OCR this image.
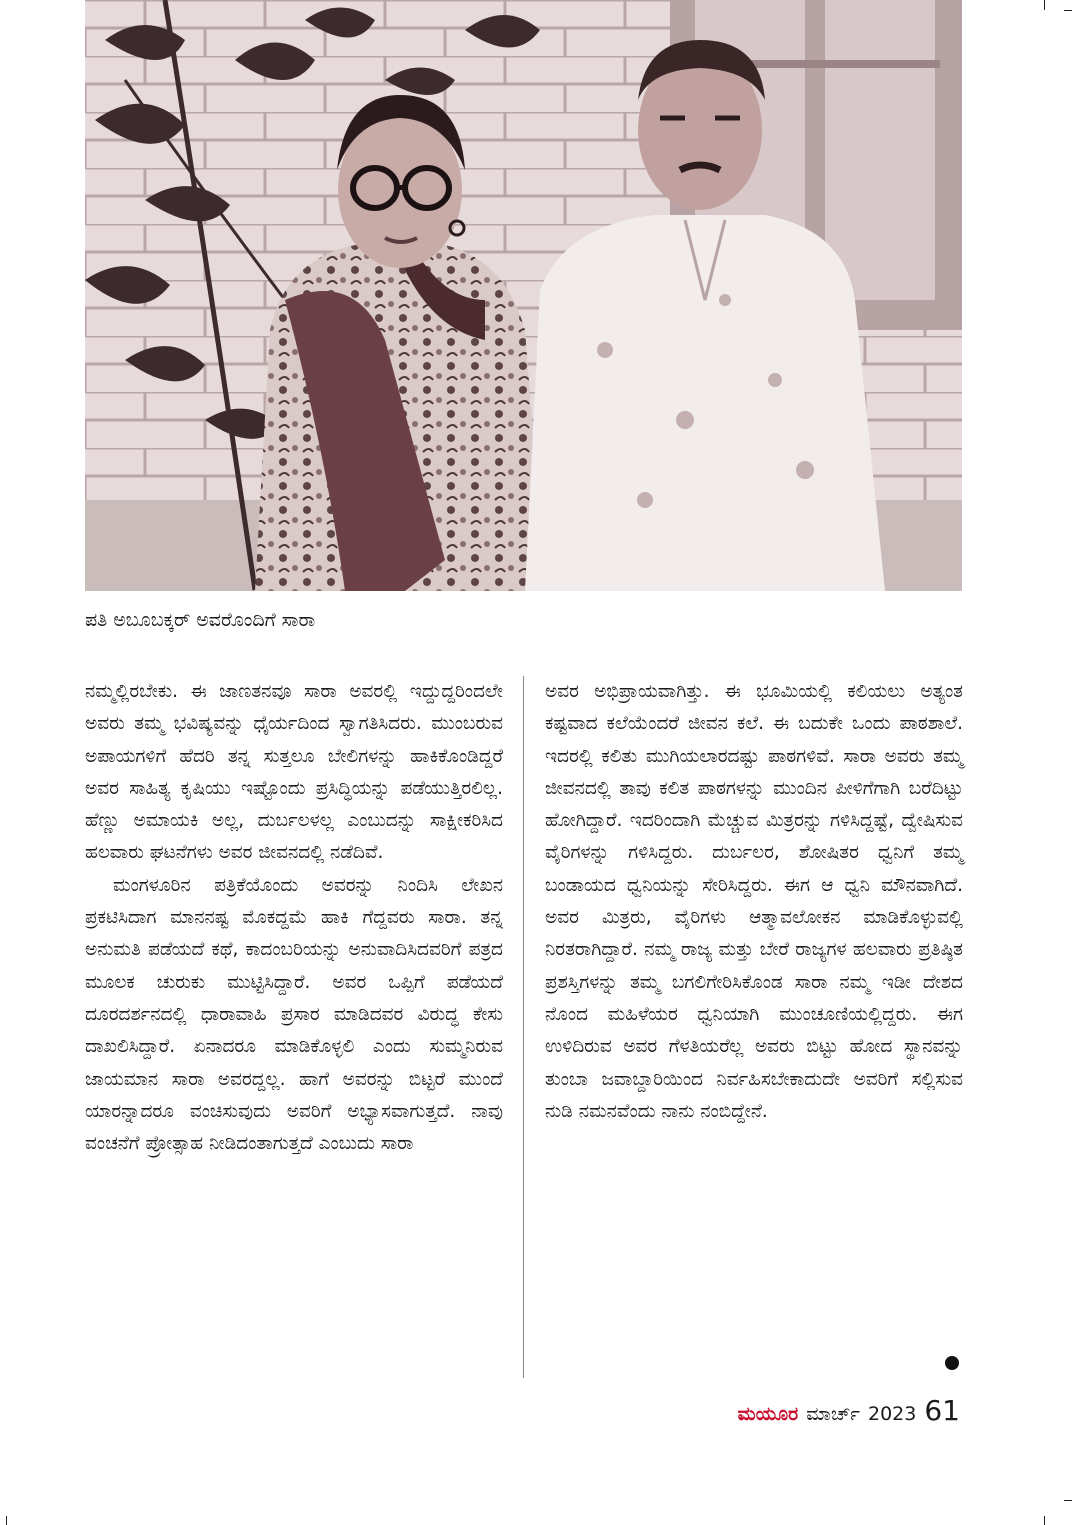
ಪತಿ ಅಬೂಬಕ್ಕರ್ ಅವರೊಂದಿಗೆ ಸಾರಾ

ನಮ್ಮಲ್ಲಿರಬೇಕು. ಈ ಜಾಣತನವೂ ಸಾರಾ ಅವರಲ್ಲಿ ಇದ್ದುದ್ದರಿಂದಲೇ ಅವರು ತಮ್ಮ ಭವಿಷ್ಯವನ್ನು ಧೈರ್ಯದಿಂದ ಸ್ವಾಗತಿಸಿದರು. ಮುಂಬರುವ ಅಪಾಯಗಳಿಗೆ ಹೆದರಿ ತನ್ನ ಸುತ್ತಲೂ ಬೇಲಿಗಳನ್ನು ಹಾಕಿಕೊಂಡಿದ್ದರೆ ಅವರ ಸಾಹಿತ್ಯ ಕೃಷಿಯು ಇಷ್ಟೊಂದು ಪ್ರಸಿದ್ಧಿಯನ್ನು ಪಡೆಯುತ್ತಿರಲಿಲ್ಲ. ಹೆಣ್ಣು ಅಮಾಯಕಿ ಅಲ್ಲ, ದುರ್ಬಲಳಲ್ಲ ಎಂಬುದನ್ನು ಸಾಕ್ಷೀಕರಿಸಿದ ಹಲವಾರು ಘಟನೆಗಳು ಅವರ ಜೀವನದಲ್ಲಿ ನಡೆದಿವೆ.

ಮಂಗಳೂರಿನ ಪತ್ರಿಕೆಯೊಂದು ಅವರನ್ನು ನಿಂದಿಸಿ ಲೇಖನ ಪ್ರಕಟಿಸಿದಾಗ ಮಾನನಷ್ಟ ಮೊಕದ್ದಮೆ ಹಾಕಿ ಗೆದ್ದವರು ಸಾರಾ. ತನ್ನ ಅನುಮತಿ ಪಡೆಯದೆ ಕಥೆ, ಕಾದಂಬರಿಯನ್ನು ಅನುವಾದಿಸಿದವರಿಗೆ ಪತ್ರದ ಮೂಲಕ ಚುರುಕು ಮುಟ್ಟಿಸಿದ್ದಾರೆ. ಅವರ ಒಪ್ಪಿಗೆ ಪಡೆಯದೆ ದೂರದರ್ಶನದಲ್ಲಿ ಧಾರಾವಾಹಿ ಪ್ರಸಾರ ಮಾಡಿದವರ ವಿರುದ್ಧ ಕೇಸು ದಾಖಲಿಸಿದ್ದಾರೆ. ಏನಾದರೂ ಮಾಡಿಕೊಳ್ಳಲಿ ಎಂದು ಸುಮ್ಮನಿರುವ ಜಾಯಮಾನ ಸಾರಾ ಅವರದ್ದಲ್ಲ. ಹಾಗೆ ಅವರನ್ನು ಬಿಟ್ಟರೆ ಮುಂದೆ ಯಾರನ್ನಾದರೂ ವಂಚಿಸುವುದು ಅವರಿಗೆ ಅಭ್ಯಾಸವಾಗುತ್ತದೆ. ನಾವು ವಂಚನೆಗೆ ಪ್ರೋತ್ಸಾಹ ನೀಡಿದಂತಾಗುತ್ತದೆ ಎಂಬುದು ಸಾರಾ

ಅವರ ಅಭಿಪ್ರಾಯವಾಗಿತ್ತು. ಈ ಭೂಮಿಯಲ್ಲಿ ಕಲಿಯಲು ಅತ್ಯಂತ ಕಷ್ಟವಾದ ಕಲೆಯೆಂದರೆ ಜೀವನ ಕಲೆ. ಈ ಬದುಕೇ ಒಂದು ಪಾಠಶಾಲೆ. ಇದರಲ್ಲಿ ಕಲಿತು ಮುಗಿಯಲಾರದಷ್ಟು ಪಾಠಗಳಿವೆ. ಸಾರಾ ಅವರು ತಮ್ಮ ಜೀವನದಲ್ಲಿ ತಾವು ಕಲಿತ ಪಾಠಗಳನ್ನು ಮುಂದಿನ ಪೀಳಿಗೆಗಾಗಿ ಬರೆದಿಟ್ಟು ಹೋಗಿದ್ದಾರೆ. ಇದರಿಂದಾಗಿ ಮೆಚ್ಚುವ ಮಿತ್ರರನ್ನು ಗಳಿಸಿದ್ದಷ್ಟೆ, ದ್ವೇಷಿಸುವ ವೈರಿಗಳನ್ನು ಗಳಿಸಿದ್ದರು. ದುರ್ಬಲರ, ಶೋಷಿತರ ಧ್ವನಿಗೆ ತಮ್ಮ ಬಂಡಾಯದ ಧ್ವನಿಯನ್ನು ಸೇರಿಸಿದ್ದರು. ಈಗ ಆ ಧ್ವನಿ ಮೌನವಾಗಿದೆ. ಅವರ ಮಿತ್ರರು, ವೈರಿಗಳು ಆತ್ಮಾವಲೋಕನ ಮಾಡಿಕೊಳ್ಳುವಲ್ಲಿ ನಿರತರಾಗಿದ್ದಾರೆ. ನಮ್ಮ ರಾಜ್ಯ ಮತ್ತು ಬೇರೆ ರಾಜ್ಯಗಳ ಹಲವಾರು ಪ್ರತಿಷ್ಠಿತ ಪ್ರಶಸ್ತಿಗಳನ್ನು ತಮ್ಮ ಬಗಲಿಗೇರಿಸಿಕೊಂಡ ಸಾರಾ ನಮ್ಮ ಇಡೀ ದೇಶದ ನೊಂದ ಮಹಿಳೆಯರ ಧ್ವನಿಯಾಗಿ ಮುಂಚೂಣಿಯಲ್ಲಿದ್ದರು. ಈಗ ಉಳಿದಿರುವ ಅವರ ಗೆಳತಿಯರೆಲ್ಲ ಅವರು ಬಿಟ್ಟು ಹೋದ ಸ್ಥಾನವನ್ನು ತುಂಬಾ ಜವಾಬ್ದಾರಿಯಿಂದ ನಿರ್ವಹಿಸಬೇಕಾದುದೇ ಅವರಿಗೆ ಸಲ್ಲಿಸುವ ನುಡಿ ನಮನವೆಂದು ನಾನು ನಂಬಿದ್ದೇನೆ.

ಮಯೂರ ಮಾರ್ಚ್ 2023 61
